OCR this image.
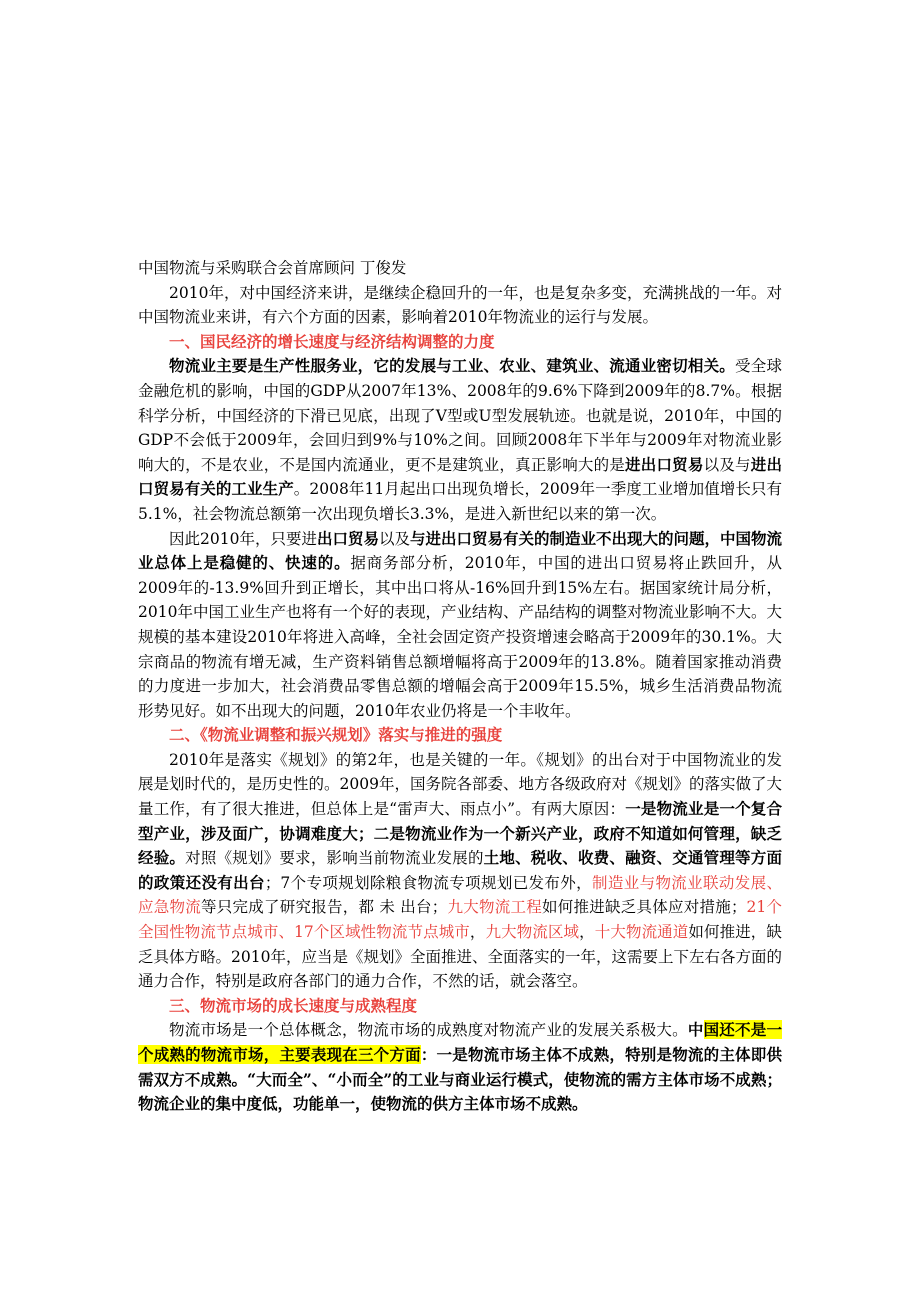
中国物流与采购联合会首席顾问 丁俊发

2010年，对中国经济来讲，是继续企稳回升的一年，也是复杂多变，充满挑战的一年。对中国物流业来讲，有六个方面的因素，影响着2010年物流业的运行与发展。

一、国民经济的增长速度与经济结构调整的力度

物流业主要是生产性服务业，它的发展与工业、农业、建筑业、流通业密切相关。受全球金融危机的影响，中国的GDP从2007年13%、2008年的9.6%下降到2009年的8.7%。根据科学分析，中国经济的下滑已见底，出现了V型或U型发展轨迹。也就是说，2010年，中国的GDP不会低于2009年，会回归到9%与10%之间。回顾2008年下半年与2009年对物流业影响大的，不是农业，不是国内流通业，更不是建筑业，真正影响大的是进出口贸易以及与进出口贸易有关的工业生产。2008年11月起出口出现负增长，2009年一季度工业增加值增长只有5.1%，社会物流总额第一次出现负增长3.3%，是进入新世纪以来的第一次。

因此2010年，只要进出口贸易以及与进出口贸易有关的制造业不出现大的问题，中国物流业总体上是稳健的、快速的。据商务部分析，2010年，中国的进出口贸易将止跌回升，从2009年的-13.9%回升到正增长，其中出口将从-16%回升到15%左右。据国家统计局分析，2010年中国工业生产也将有一个好的表现，产业结构、产品结构的调整对物流业影响不大。大规模的基本建设2010年将进入高峰，全社会固定资产投资增速会略高于2009年的30.1%。大宗商品的物流有增无减，生产资料销售总额增幅将高于2009年的13.8%。随着国家推动消费的力度进一步加大，社会消费品零售总额的增幅会高于2009年15.5%，城乡生活消费品物流形势见好。如不出现大的问题，2010年农业仍将是一个丰收年。

二、《物流业调整和振兴规划》落实与推进的强度

2010年是落实《规划》的第2年，也是关键的一年。《规划》的出台对于中国物流业的发展是划时代的，是历史性的。2009年，国务院各部委、地方各级政府对《规划》的落实做了大量工作，有了很大推进，但总体上是“雷声大、雨点小”。有两大原因：一是物流业是一个复合型产业，涉及面广，协调难度大；二是物流业作为一个新兴产业，政府不知道如何管理，缺乏经验。对照《规划》要求，影响当前物流业发展的土地、税收、收费、融资、交通管理等方面的政策还没有出台；7个专项规划除粮食物流专项规划已发布外，制造业与物流业联动发展、应急物流等只完成了研究报告，都 未 出台；九大物流工程如何推进缺乏具体应对措施；21个全国性物流节点城市、17个区域性物流节点城市，九大物流区域，十大物流通道如何推进，缺乏具体方略。2010年，应当是《规划》全面推进、全面落实的一年，这需要上下左右各方面的通力合作，特别是政府各部门的通力合作，不然的话，就会落空。

三、物流市场的成长速度与成熟程度

物流市场是一个总体概念，物流市场的成熟度对物流产业的发展关系极大。中国还不是一个成熟的物流市场，主要表现在三个方面：一是物流市场主体不成熟，特别是物流的主体即供需双方不成熟。“大而全”、“小而全”的工业与商业运行模式，使物流的需方主体市场不成熟；物流企业的集中度低，功能单一，使物流的供方主体市场不成熟。
